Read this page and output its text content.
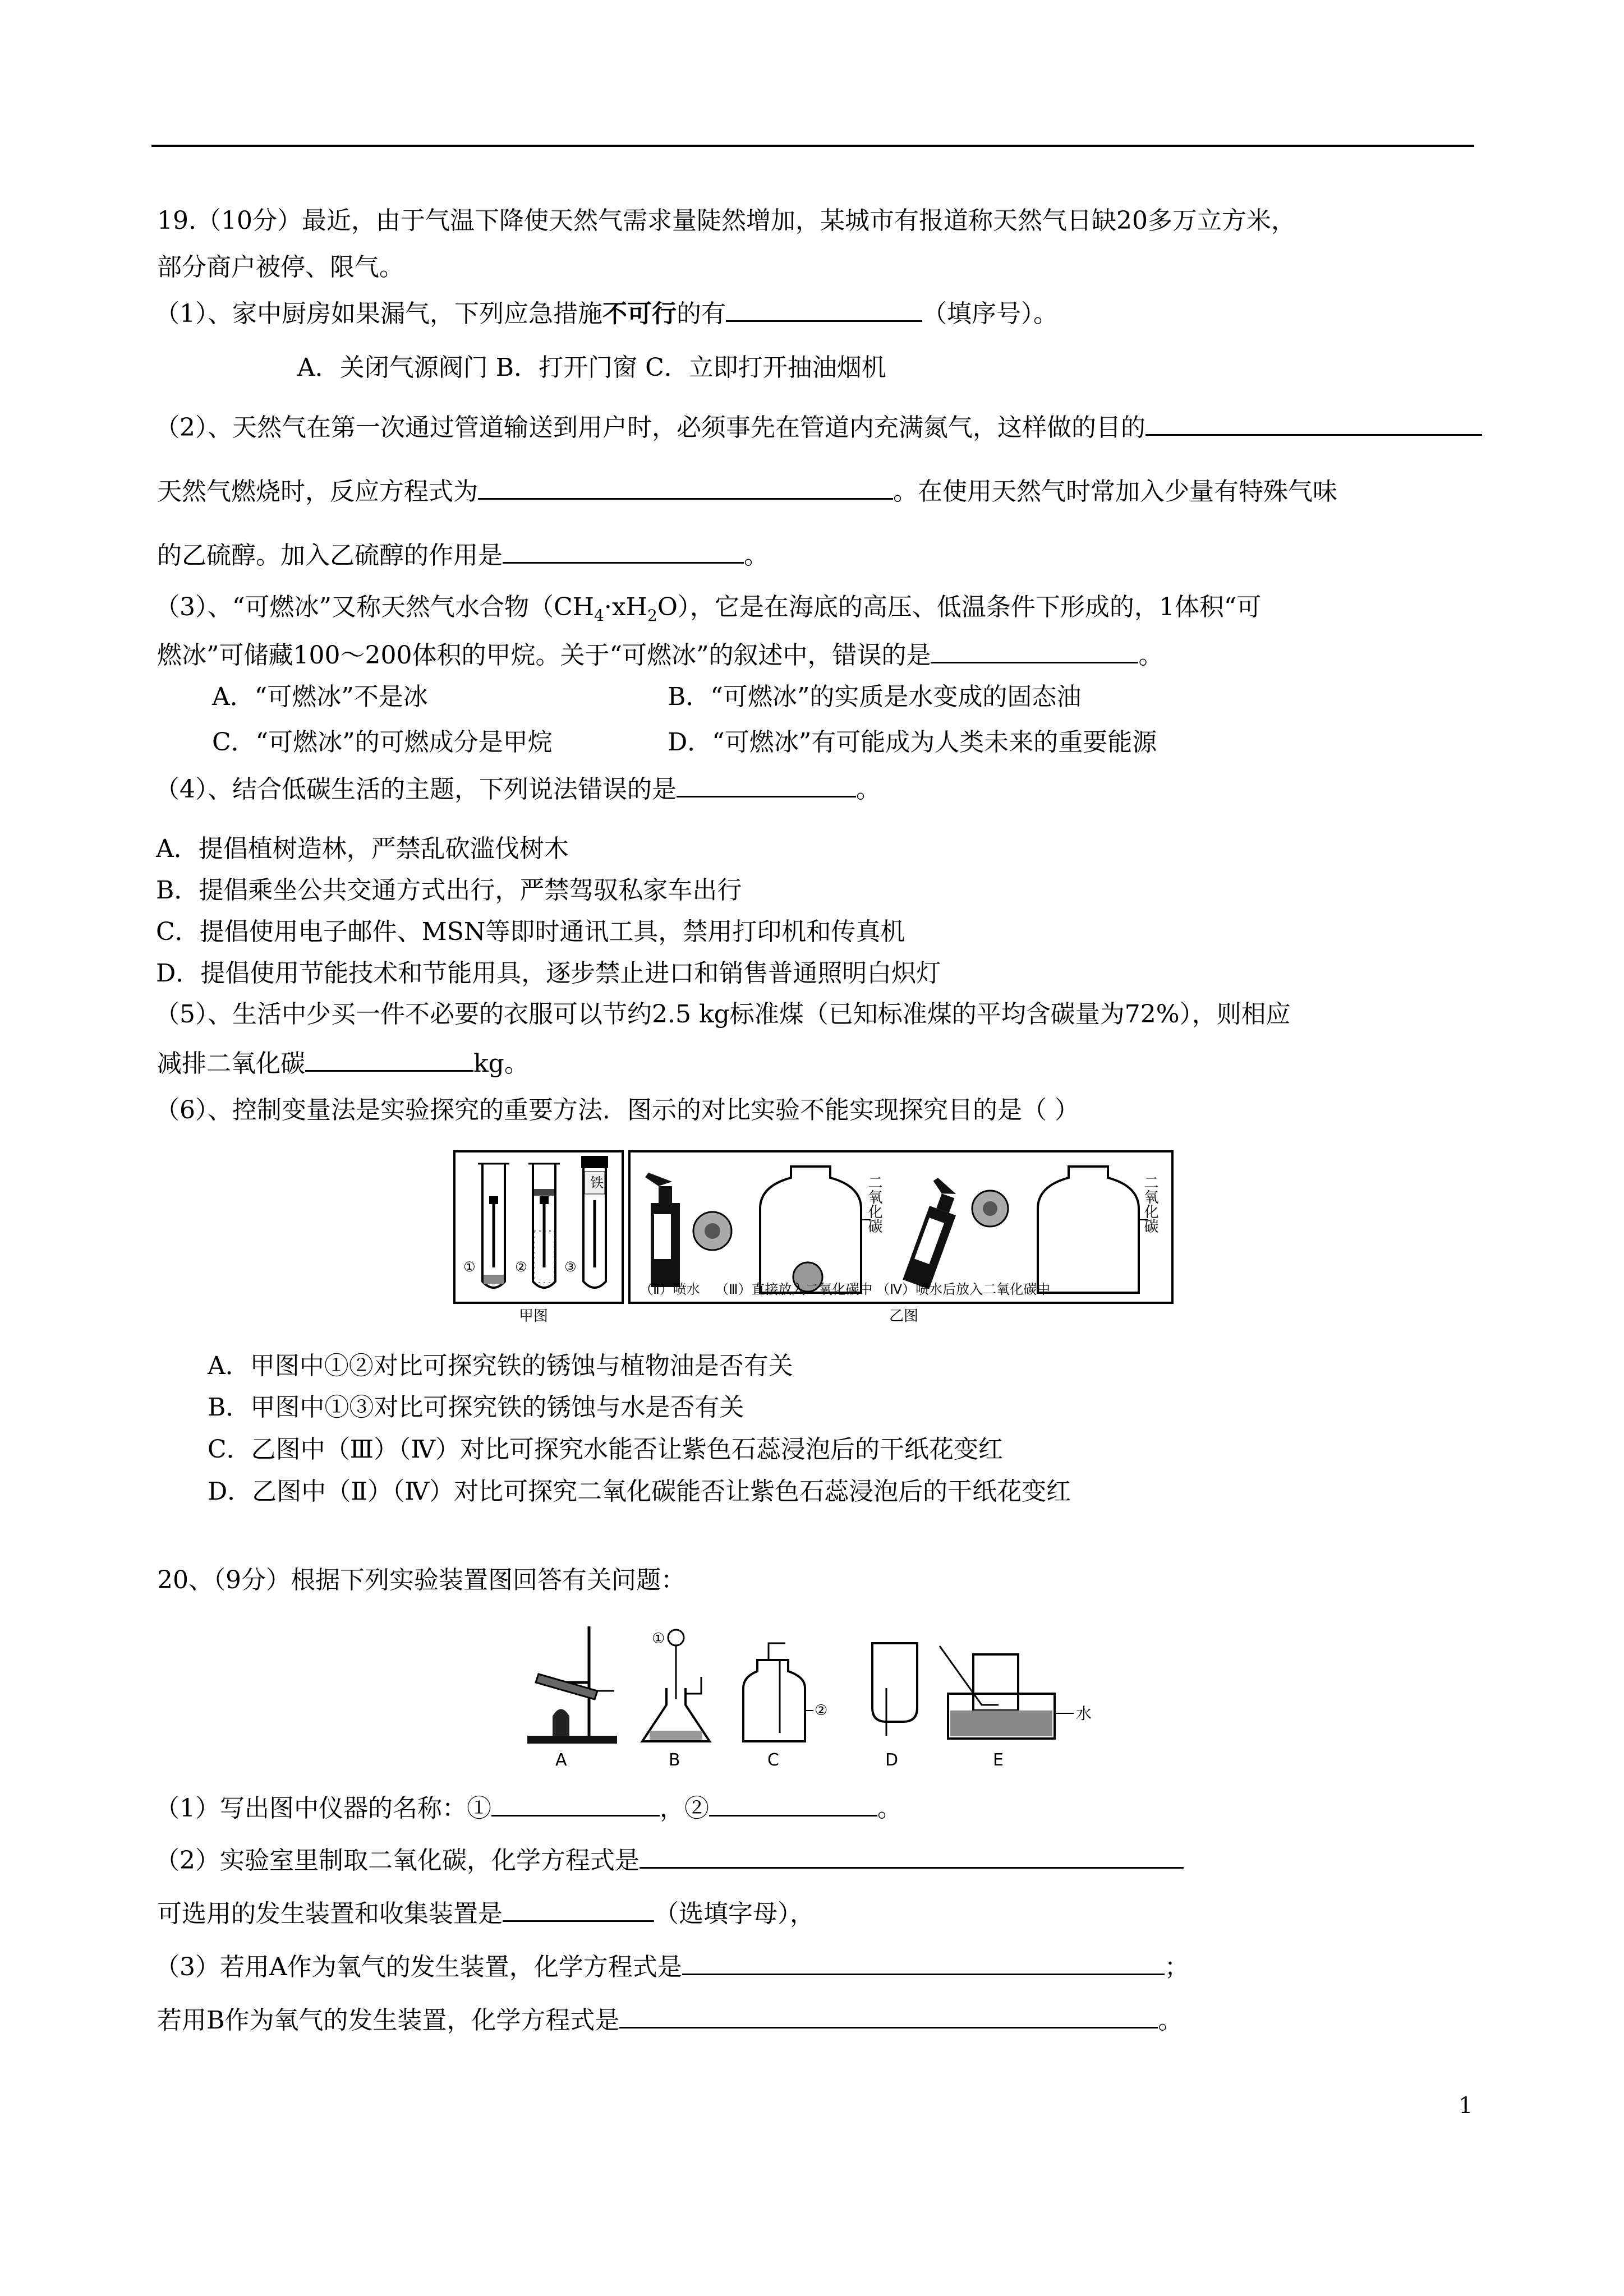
19.（10分）最近，由于气温下降使天然气需求量陡然增加，某城市有报道称天然气日缺20多万立方米，
部分商户被停、限气。
（1）、家中厨房如果漏气，下列应急措施不可行的有	（填序号）。
A．关闭气源阀门 B．打开门窗 C．立即打开抽油烟机
（2）、天然气在第一次通过管道输送到用户时，必须事先在管道内充满氮气，这样做的目的
天然气燃烧时，反应方程式为	。在使用天然气时常加入少量有特殊气味
的乙硫醇。加入乙硫醇的作用是	。
（3）、“可燃冰”又称天然气水合物$(CH_4\cdot xH_2O)$，它是在海底的高压、低温条件下形成的，1体积“可
燃冰”可储藏100～200体积的甲烷。关于“可燃冰”的叙述中，错误的是	。
A．“可燃冰”不是冰	B．“可燃冰”的实质是水变成的固态油
C．“可燃冰”的可燃成分是甲烷	D．“可燃冰”有可能成为人类未来的重要能源
（4）、结合低碳生活的主题，下列说法错误的是	。
A．提倡植树造林，严禁乱砍滥伐树木
B．提倡乘坐公共交通方式出行，严禁驾驭私家车出行
C．提倡使用电子邮件、MSN等即时通讯工具，禁用打印机和传真机
D．提倡使用节能技术和节能用具，逐步禁止进口和销售普通照明白炽灯
（5）、生活中少买一件不必要的衣服可以节约2.5 kg标准煤（已知标准煤的平均含碳量为72%），则相应
减排二氧化碳	kg。
（6）、控制变量法是实验探究的重要方法．图示的对比实验不能实现探究目的是（ ）
铁
①	②	③
二氧化碳	二氧化碳
（Ⅱ）喷水 （Ⅲ）直接放入二氧化碳中 （Ⅳ）喷水后放入二氧化碳中
甲图	乙图
A．甲图中①②对比可探究铁的锈蚀与植物油是否有关
B．甲图中①③对比可探究铁的锈蚀与水是否有关
C．乙图中（Ⅲ）（Ⅳ）对比可探究水能否让紫色石蕊浸泡后的干纸花变红
D．乙图中（Ⅱ）（Ⅳ）对比可探究二氧化碳能否让紫色石蕊浸泡后的干纸花变红
20、（9分）根据下列实验装置图回答有关问题：
A
①
B
②
C	D
水
E
（1）写出图中仪器的名称：①	，②	。
（2）实验室里制取二氧化碳，化学方程式是
可选用的发生装置和收集装置是	（选填字母），
（3）若用A作为氧气的发生装置，化学方程式是	；
若用B作为氧气的发生装置，化学方程式是	。
1
